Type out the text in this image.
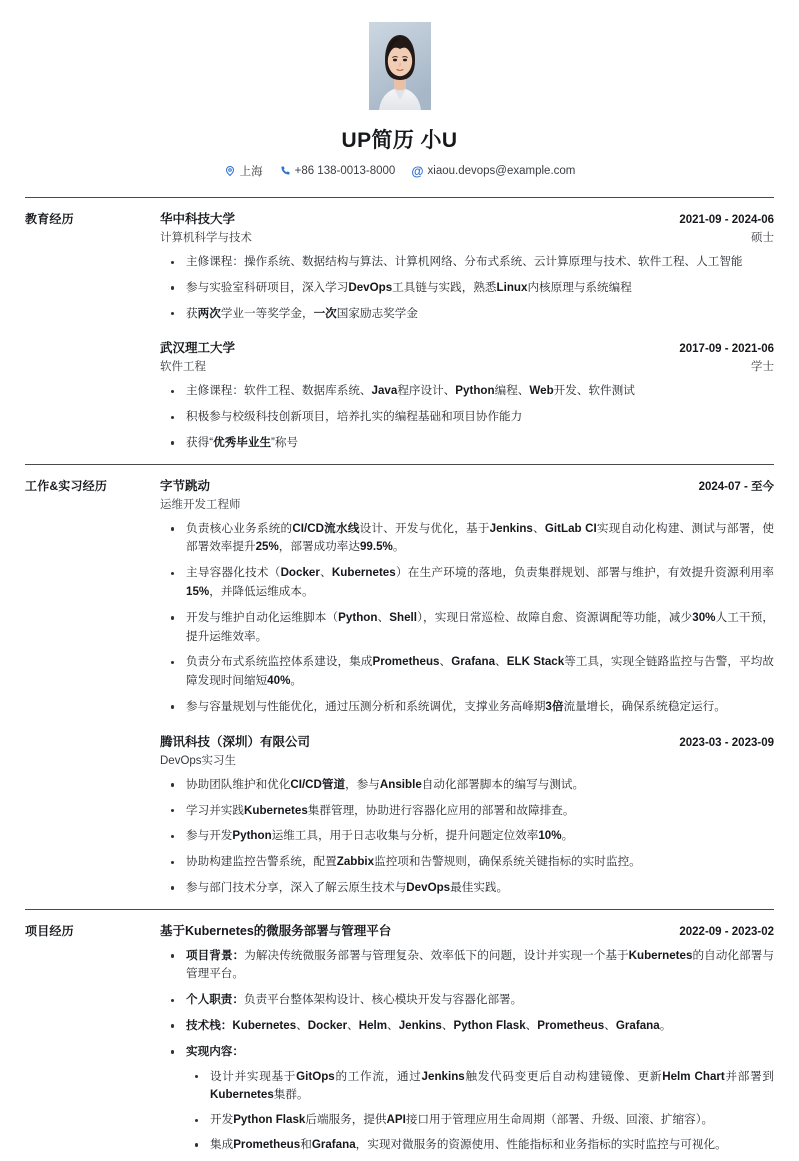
UP简历 小U
上海	+86 138-0013-8000 @ xiaou.devops@example.com
教育经历	华中科技大学	2021-09 - 2024-06
计算机科学与技术	硕士
主修课程：操作系统、数据结构与算法、计算机网络、分布式系统、云计算原理与技术、软件工程、人工智能
参与实验室科研项目，深入学习DevOps工具链与实践，熟悉Linux内核原理与系统编程
获两次学业一等奖学金，一次国家励志奖学金
武汉理工大学	2017-09 - 2021-06
软件工程	学士
主修课程：软件工程、数据库系统、Java程序设计、Python编程、Web开发、软件测试
积极参与校级科技创新项目，培养扎实的编程基础和项目协作能力
获得“优秀毕业生”称号
工作&实习经历	字节跳动	2024-07 - 至今
运维开发工程师
负责核心业务系统的CI/CD流水线设计、开发与优化，基于Jenkins、GitLab CI实现自动化构建、测试与部署，使部署效率提升25%，部署成功率达99.5%。
主导容器化技术（Docker、Kubernetes）在生产环境的落地，负责集群规划、部署与维护，有效提升资源利用率15%，并降低运维成本。
开发与维护自动化运维脚本（Python、Shell），实现日常巡检、故障自愈、资源调配等功能，减少30%人工干预，提升运维效率。
负责分布式系统监控体系建设，集成Prometheus、Grafana、ELK Stack等工具，实现全链路监控与告警，平均故障发现时间缩短40%。
参与容量规划与性能优化，通过压测分析和系统调优，支撑业务高峰期3倍流量增长，确保系统稳定运行。
腾讯科技（深圳）有限公司	2023-03 - 2023-09
DevOps实习生
协助团队维护和优化CI/CD管道，参与Ansible自动化部署脚本的编写与测试。
学习并实践Kubernetes集群管理，协助进行容器化应用的部署和故障排查。
参与开发Python运维工具，用于日志收集与分析，提升问题定位效率10%。
协助构建监控告警系统，配置Zabbix监控项和告警规则，确保系统关键指标的实时监控。
参与部门技术分享，深入了解云原生技术与DevOps最佳实践。
项目经历	基于Kubernetes的微服务部署与管理平台	2022-09 - 2023-02
项目背景：为解决传统微服务部署与管理复杂、效率低下的问题，设计并实现一个基于Kubernetes的自动化部署与管理平台。
个人职责：负责平台整体架构设计、核心模块开发与容器化部署。
技术栈：Kubernetes、Docker、Helm、Jenkins、Python Flask、Prometheus、Grafana。
实现内容：
设计并实现基于GitOps的工作流，通过Jenkins触发代码变更后自动构建镜像、更新Helm Chart并部署到Kubernetes集群。
开发Python Flask后端服务，提供API接口用于管理应用生命周期（部署、升级、回滚、扩缩容）。
集成Prometheus和Grafana，实现对微服务的资源使用、性能指标和业务指标的实时监控与可视化。
